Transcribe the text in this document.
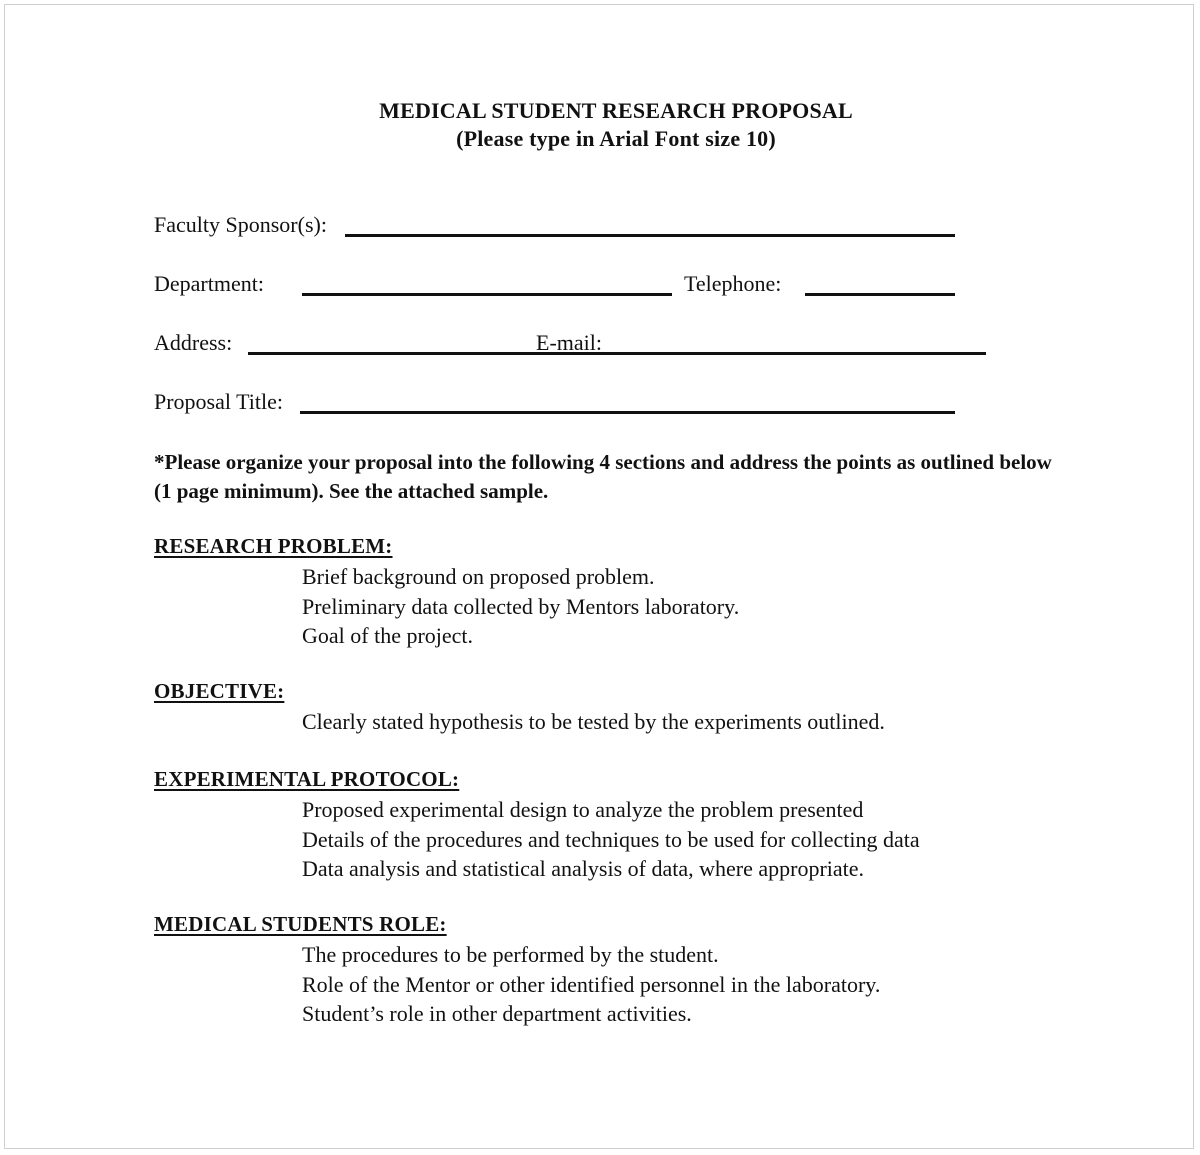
MEDICAL STUDENT RESEARCH PROPOSAL
(Please type in Arial Font size 10)
Faculty Sponsor(s):
Department:	Telephone:
Address:	E-mail:
Proposal Title:
*Please organize your proposal into the following 4 sections and address the points as outlined below (1 page minimum). See the attached sample.
RESEARCH PROBLEM:
Brief background on proposed problem.
Preliminary data collected by Mentors laboratory.
Goal of the project.
OBJECTIVE:
Clearly stated hypothesis to be tested by the experiments outlined.
EXPERIMENTAL PROTOCOL:
Proposed experimental design to analyze the problem presented
Details of the procedures and techniques to be used for collecting data
Data analysis and statistical analysis of data, where appropriate.
MEDICAL STUDENTS ROLE:
The procedures to be performed by the student.
Role of the Mentor or other identified personnel in the laboratory.
Student’s role in other department activities.
